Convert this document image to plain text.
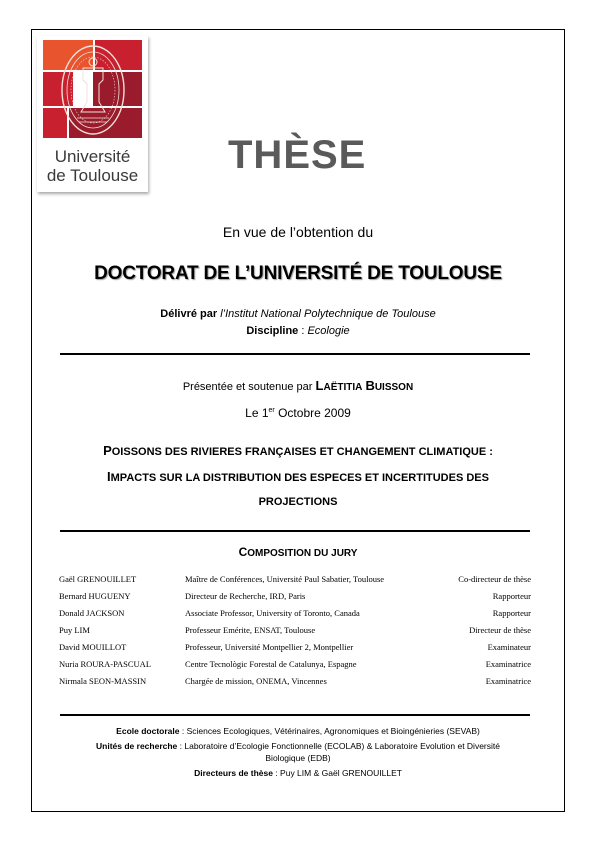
Université
de Toulouse THÈSE
En vue de l’obtention du
DOCTORAT DE L’UNIVERSITÉ DE TOULOUSE
Délivré par l’Institut National Polytechnique de Toulouse
Discipline : Ecologie
Présentée et soutenue par LAËTITIA BUISSON
Le 1er Octobre 2009
POISSONS DES RIVIERES FRANÇAISES ET CHANGEMENT CLIMATIQUE :
IMPACTS SUR LA DISTRIBUTION DES ESPECES ET INCERTITUDES DES
PROJECTIONS
COMPOSITION DU JURY
Gaël GRENOUILLET	Maître de Conférences, Université Paul Sabatier, Toulouse	Co-directeur de thèse
Bernard HUGUENY	Directeur de Recherche, IRD, Paris	Rapporteur
Donald JACKSON	Associate Professor, University of Toronto, Canada	Rapporteur
Puy LIM	Professeur Emérite, ENSAT, Toulouse	Directeur de thèse
David MOUILLOT	Professeur, Université Montpellier 2, Montpellier	Examinateur
Nuria ROURA-PASCUAL	Centre Tecnològic Forestal de Catalunya, Espagne	Examinatrice
Nirmala SEON-MASSIN	Chargée de mission, ONEMA, Vincennes	Examinatrice
Ecole doctorale : Sciences Ecologiques, Vétérinaires, Agronomiques et Bioingénieries (SEVAB)
Unités de recherche : Laboratoire d’Ecologie Fonctionnelle (ECOLAB) & Laboratoire Evolution et Diversité Biologique (EDB)
Directeurs de thèse : Puy LIM & Gaël GRENOUILLET
